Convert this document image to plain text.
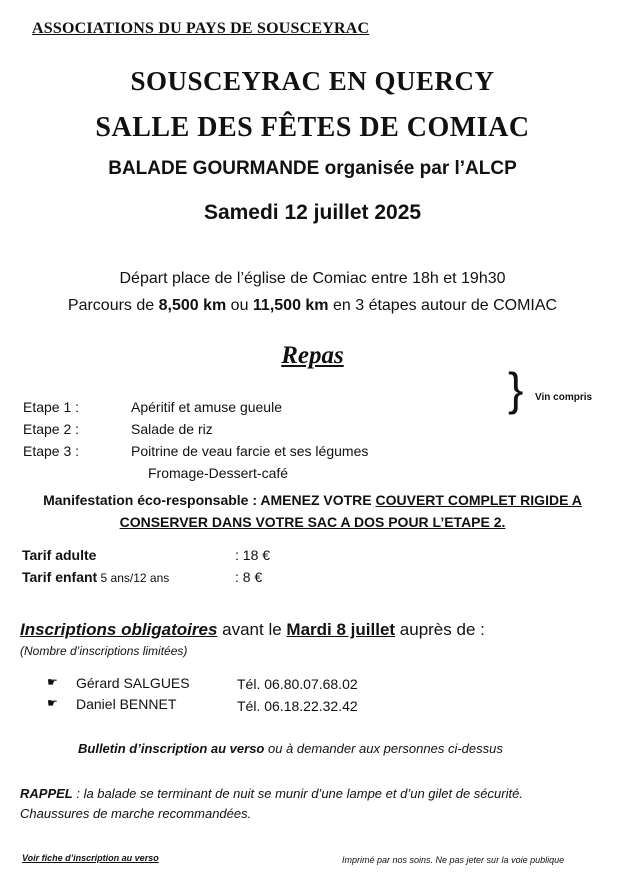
ASSOCIATIONS DU PAYS DE SOUSCEYRAC
SOUSCEYRAC EN QUERCY
SALLE DES FÊTES DE COMIAC
BALADE GOURMANDE organisée par l’ALCP
Samedi 12 juillet 2025
Départ place de l’église de Comiac entre 18h et 19h30
Parcours de 8,500 km ou 11,500 km en 3 étapes autour de COMIAC
Repas
} Vin compris
Etape 1 :	Apéritif et amuse gueule
Etape 2 :	Salade de riz
Etape 3 :	Poitrine de veau farcie et ses légumes
Fromage-Dessert-café
Manifestation éco-responsable : AMENEZ VOTRE COUVERT COMPLET RIGIDE A
CONSERVER DANS VOTRE SAC A DOS POUR L’ETAPE 2.
Tarif adulte	: 18 €
Tarif enfant 5 ans/12 ans	: 8 €
Inscriptions obligatoires avant le Mardi 8 juillet auprès de :
(Nombre d’inscriptions limitées)
☛ Gérard SALGUES	Tél. 06.80.07.68.02
☛ Daniel BENNET	Tél. 06.18.22.32.42
Bulletin d’inscription au verso ou à demander aux personnes ci-dessus
RAPPEL : la balade se terminant de nuit se munir d’une lampe et d’un gilet de sécurité.
Chaussures de marche recommandées.
Voir fiche d’inscription au verso	Imprimé par nos soins. Ne pas jeter sur la voie publique
